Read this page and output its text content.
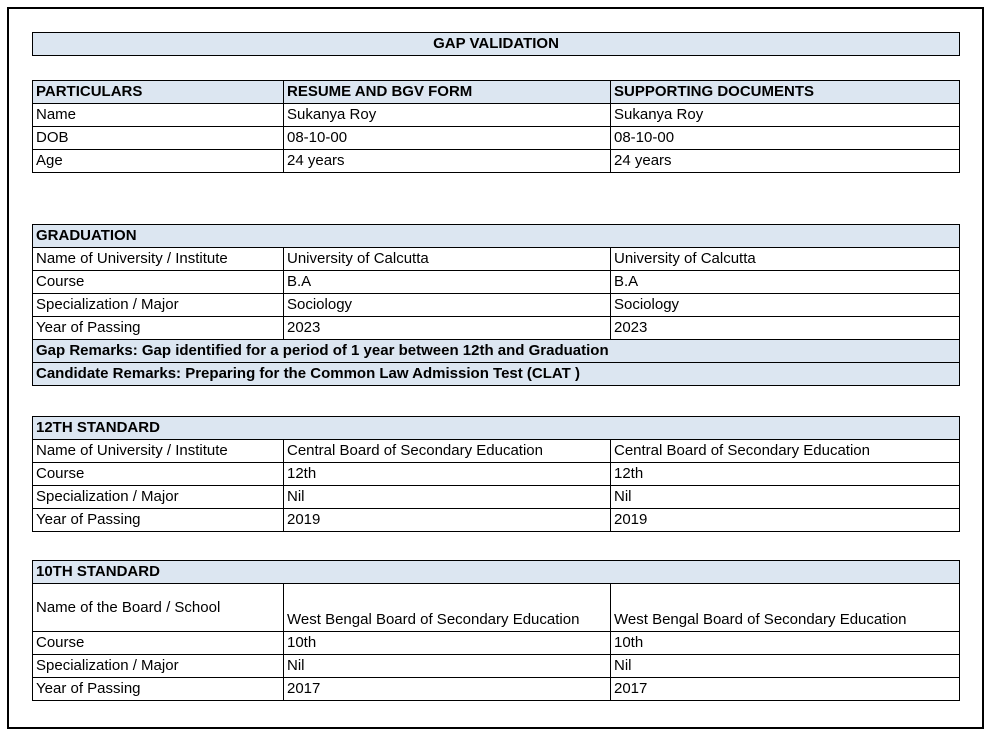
GAP VALIDATION
PARTICULARS	RESUME AND BGV FORM	SUPPORTING DOCUMENTS
Name	Sukanya Roy	Sukanya Roy
DOB	08-10-00	08-10-00
Age	24 years	24 years
GRADUATION		
Name of University / Institute	University of Calcutta	University of Calcutta
Course	B.A	B.A
Specialization / Major	Sociology	Sociology
Year of Passing	2023	2023
Gap Remarks: Gap identified for a period of 1 year between 12th and Graduation		
Candidate Remarks: Preparing for the Common Law Admission Test (CLAT )		
12TH STANDARD		
Name of University / Institute	Central Board of Secondary Education	Central Board of Secondary Education
Course	12th	12th
Specialization / Major	Nil	Nil
Year of Passing	2019	2019
10TH STANDARD		
Name of the Board / School	West Bengal Board of Secondary Education	West Bengal Board of Secondary Education
Course	10th	10th
Specialization / Major	Nil	Nil
Year of Passing	2017	2017
